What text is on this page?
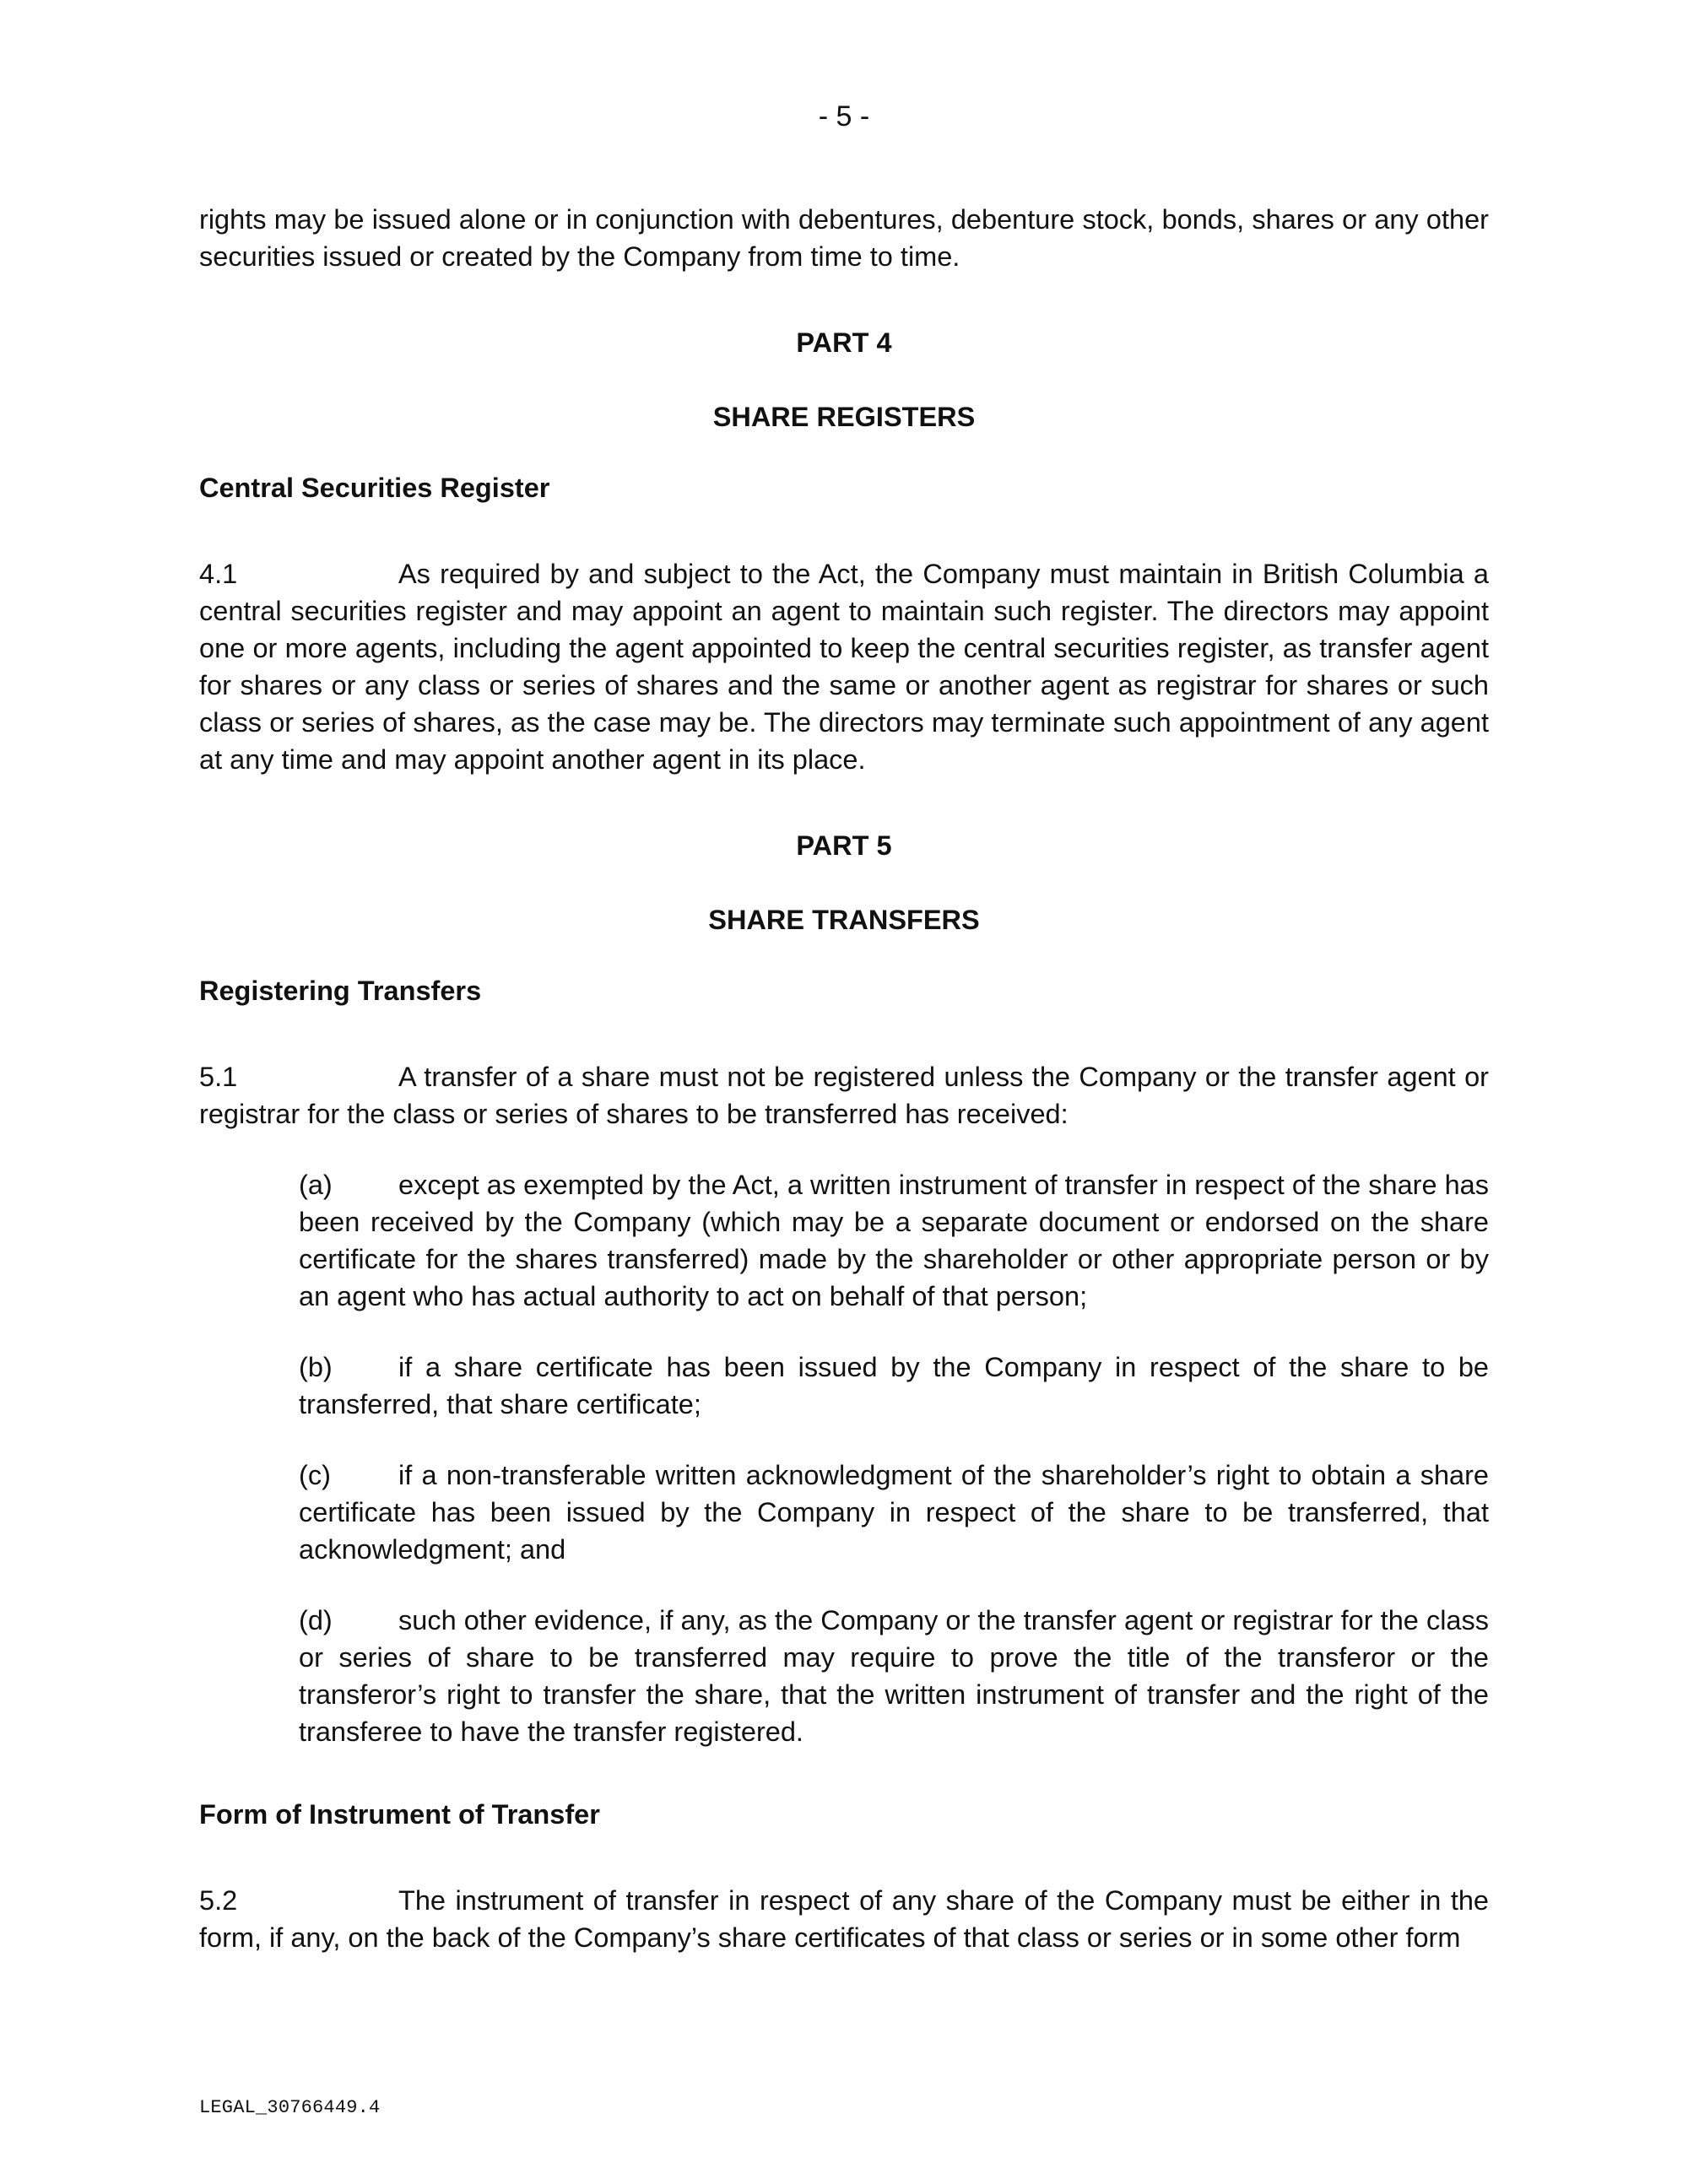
- 5 -

rights may be issued alone or in conjunction with debentures, debenture stock, bonds, shares or any other securities issued or created by the Company from time to time.

PART 4
SHARE REGISTERS
Central Securities Register

4.1	As required by and subject to the Act, the Company must maintain in British Columbia a central securities register and may appoint an agent to maintain such register. The directors may appoint one or more agents, including the agent appointed to keep the central securities register, as transfer agent for shares or any class or series of shares and the same or another agent as registrar for shares or such class or series of shares, as the case may be. The directors may terminate such appointment of any agent at any time and may appoint another agent in its place.

PART 5
SHARE TRANSFERS
Registering Transfers

5.1	A transfer of a share must not be registered unless the Company or the transfer agent or registrar for the class or series of shares to be transferred has received:

(a) except as exempted by the Act, a written instrument of transfer in respect of the share has been received by the Company (which may be a separate document or endorsed on the share certificate for the shares transferred) made by the shareholder or other appropriate person or by an agent who has actual authority to act on behalf of that person;

(b) if a share certificate has been issued by the Company in respect of the share to be transferred, that share certificate;

(c) if a non-transferable written acknowledgment of the shareholder’s right to obtain a share certificate has been issued by the Company in respect of the share to be transferred, that acknowledgment; and

(d) such other evidence, if any, as the Company or the transfer agent or registrar for the class or series of share to be transferred may require to prove the title of the transferor or the transferor’s right to transfer the share, that the written instrument of transfer and the right of the transferee to have the transfer registered.

Form of Instrument of Transfer

5.2	The instrument of transfer in respect of any share of the Company must be either in the form, if any, on the back of the Company’s share certificates of that class or series or in some other form

LEGAL_30766449.4
